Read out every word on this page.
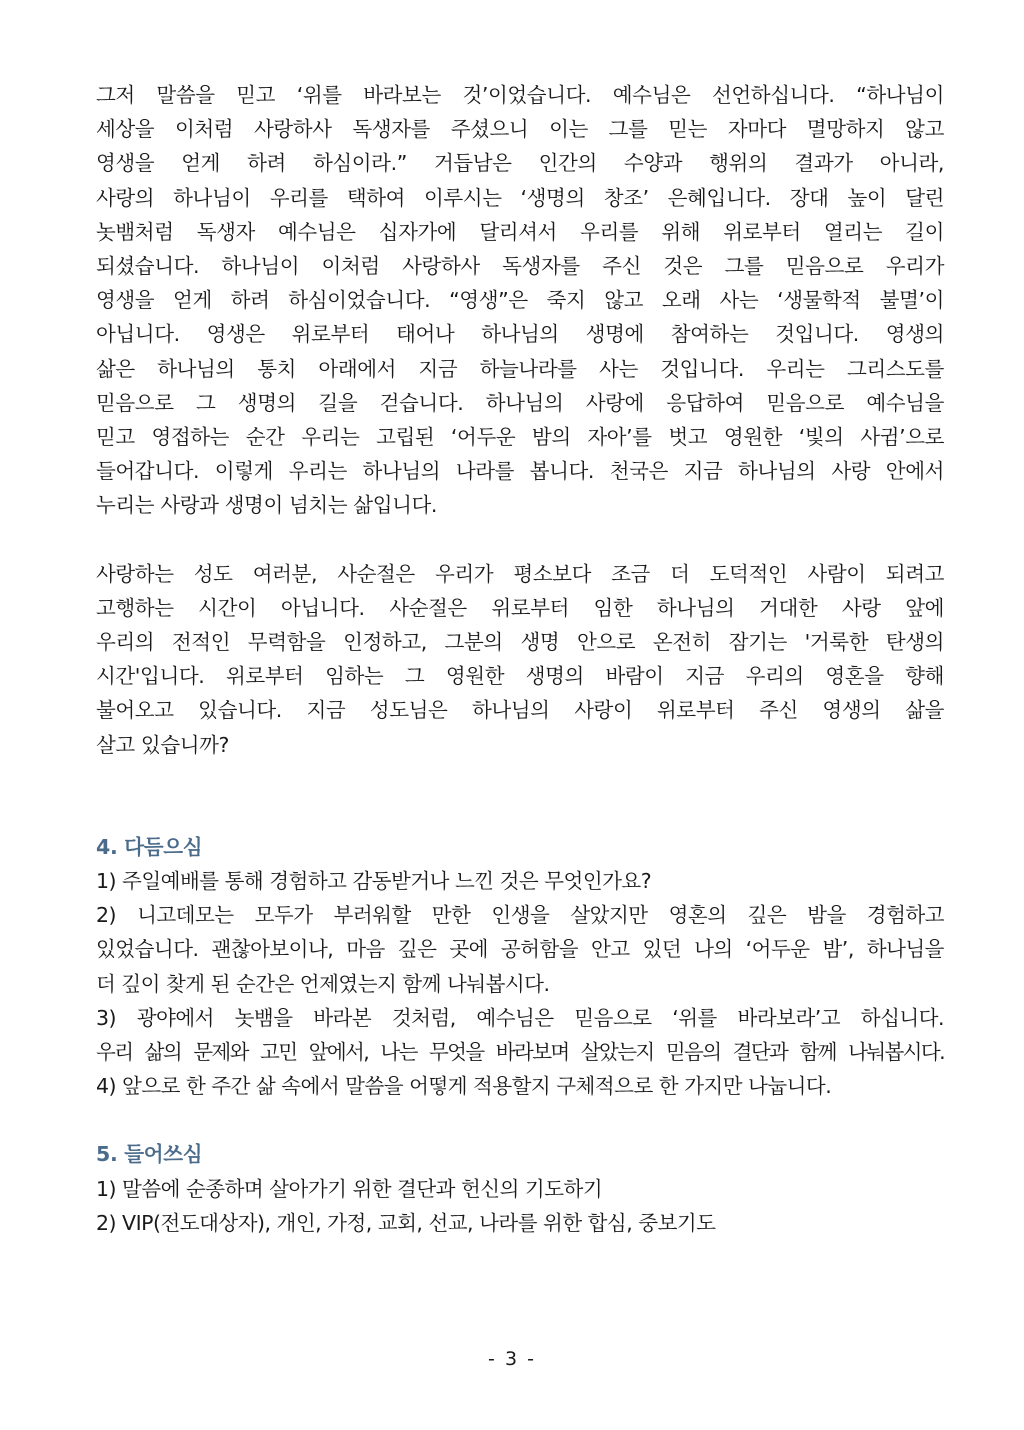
그저 말씀을 믿고 ‘위를 바라보는 것’이었습니다. 예수님은 선언하십니다. “하나님이
세상을 이처럼 사랑하사 독생자를 주셨으니 이는 그를 믿는 자마다 멸망하지 않고
영생을 얻게 하려 하심이라.” 거듭남은 인간의 수양과 행위의 결과가 아니라,
사랑의 하나님이 우리를 택하여 이루시는 ‘생명의 창조’ 은혜입니다. 장대 높이 달린
놋뱀처럼 독생자 예수님은 십자가에 달리셔서 우리를 위해 위로부터 열리는 길이
되셨습니다. 하나님이 이처럼 사랑하사 독생자를 주신 것은 그를 믿음으로 우리가
영생을 얻게 하려 하심이었습니다. “영생”은 죽지 않고 오래 사는 ‘생물학적 불멸’이
아닙니다. 영생은 위로부터 태어나 하나님의 생명에 참여하는 것입니다. 영생의
삶은 하나님의 통치 아래에서 지금 하늘나라를 사는 것입니다. 우리는 그리스도를
믿음으로 그 생명의 길을 걷습니다. 하나님의 사랑에 응답하여 믿음으로 예수님을
믿고 영접하는 순간 우리는 고립된 ‘어두운 밤의 자아’를 벗고 영원한 ‘빛의 사귐’으로
들어갑니다. 이렇게 우리는 하나님의 나라를 봅니다. 천국은 지금 하나님의 사랑 안에서
누리는 사랑과 생명이 넘치는 삶입니다.

사랑하는 성도 여러분, 사순절은 우리가 평소보다 조금 더 도덕적인 사람이 되려고
고행하는 시간이 아닙니다. 사순절은 위로부터 임한 하나님의 거대한 사랑 앞에
우리의 전적인 무력함을 인정하고, 그분의 생명 안으로 온전히 잠기는 '거룩한 탄생의
시간'입니다. 위로부터 임하는 그 영원한 생명의 바람이 지금 우리의 영혼을 향해
불어오고 있습니다. 지금 성도님은 하나님의 사랑이 위로부터 주신 영생의 삶을
살고 있습니까?

4. 다듬으심
1) 주일예배를 통해 경험하고 감동받거나 느낀 것은 무엇인가요?
2) 니고데모는 모두가 부러워할 만한 인생을 살았지만 영혼의 깊은 밤을 경험하고
있었습니다. 괜찮아보이나, 마음 깊은 곳에 공허함을 안고 있던 나의 ‘어두운 밤’, 하나님을
더 깊이 찾게 된 순간은 언제였는지 함께 나눠봅시다.
3) 광야에서 놋뱀을 바라본 것처럼, 예수님은 믿음으로 ‘위를 바라보라’고 하십니다.
우리 삶의 문제와 고민 앞에서, 나는 무엇을 바라보며 살았는지 믿음의 결단과 함께 나눠봅시다.
4) 앞으로 한 주간 삶 속에서 말씀을 어떻게 적용할지 구체적으로 한 가지만 나눕니다.
5. 들어쓰심
1) 말씀에 순종하며 살아가기 위한 결단과 헌신의 기도하기
2) VIP(전도대상자), 개인, 가정, 교회, 선교, 나라를 위한 합심, 중보기도
- 3 -
